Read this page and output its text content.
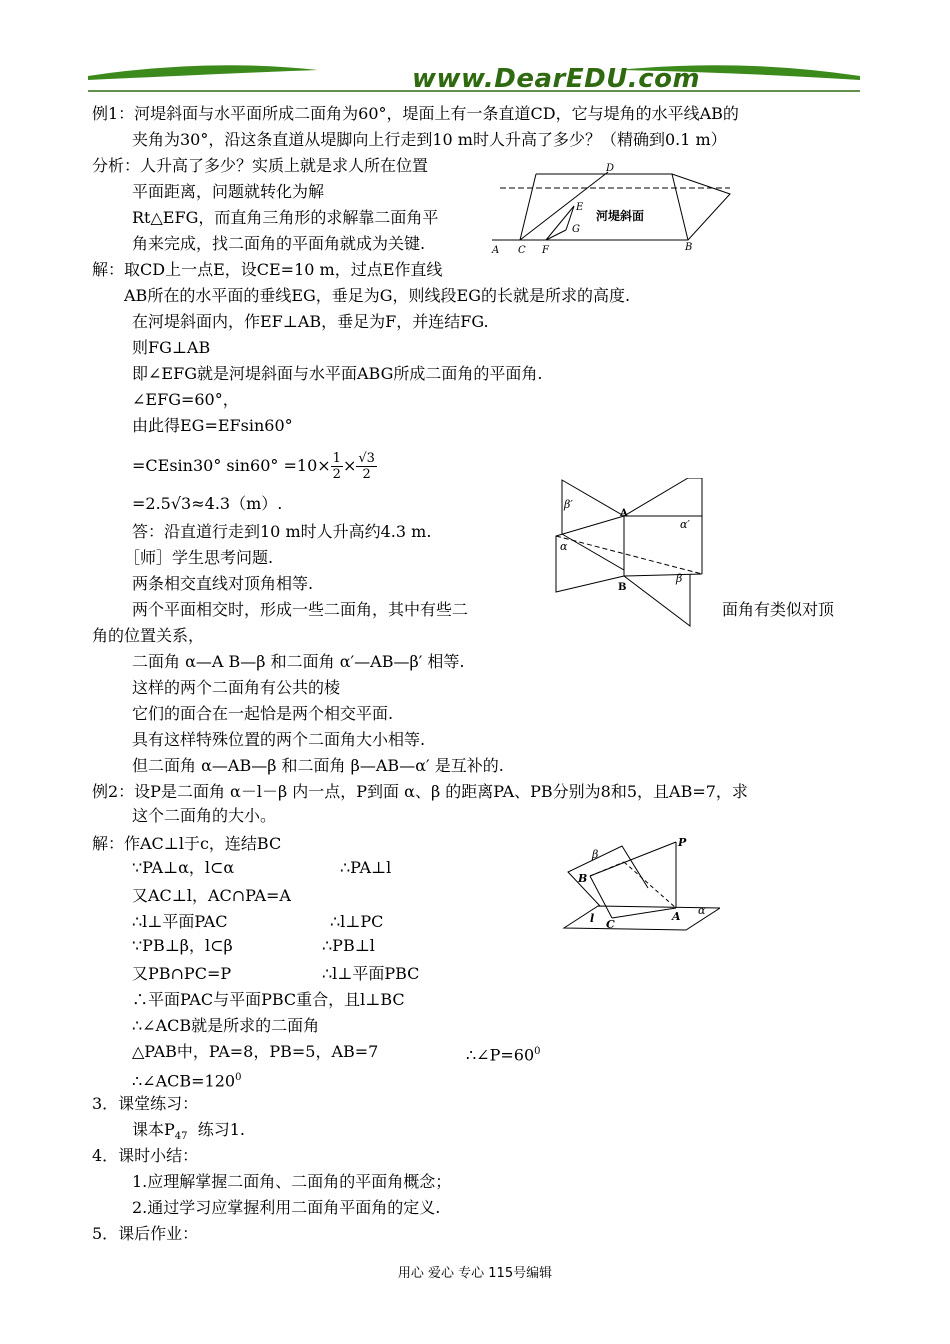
www.DearEDU.com
例1：河堤斜面与水平面所成二面角为60°，堤面上有一条直道CD，它与堤角的水平线AB的
夹角为30°，沿这条直道从堤脚向上行走到10 m时人升高了多少？（精确到0.1 m）
分析：人升高了多少？实质上就是求人所在位置
平面距离，问题就转化为解
Rt△EFG，而直角三角形的求解靠二面角平
角来完成，找二面角的平面角就成为关键.
D
E
G
A C F	B
河堤斜面
解：取CD上一点E，设CE=10 m，过点E作直线
AB所在的水平面的垂线EG，垂足为G，则线段EG的长就是所求的高度.
在河堤斜面内，作EF⊥AB，垂足为F，并连结FG.
则FG⊥AB
即∠EFG就是河堤斜面与水平面ABG所成二面角的平面角.
∠EFG=60°，
由此得EG=EFsin60°
=CEsin30° $\sin 60^\circ =10\times \frac{1}{2} \times \frac{√3}{2}$
=2.5√3≈4.3（m）.
答：沿直道行走到10 m时人升高约4.3 m.
［师］学生思考问题.
两条相交直线对顶角相等.
两个平面相交时，形成一些二面角，其中有些二	面角有类似对顶
β′
A
α′
α
B
β
角的位置关系，
二面角 α—A B—β 和二面角 α′—AB—β′ 相等.
这样的两个二面角有公共的棱
它们的面合在一起恰是两个相交平面.
具有这样特殊位置的两个二面角大小相等.
但二面角 α—AB—β 和二面角 β—AB—α′ 是互补的.
例2：设P是二面角 α－l－β 内一点，P到面 α、β 的距离PA、PB分别为8和5，且AB=7，求
这个二面角的大小。
解：作AC⊥l于c，连结BC
∵PA⊥α，l⊂α	∴PA⊥l
又AC⊥l，AC∩PA=A
∴l⊥平面PAC	∴l⊥PC
∵PB⊥β，l⊂β	∴PB⊥l
又PB∩PC=P	∴l⊥平面PBC
∴平面PAC与平面PBC重合，且l⊥BC
∴∠ACB就是所求的二面角
△PAB中，PA=8，PB=5，AB=7	$\therefore\angle P=60^0$
$\therefore\angle ACB=120^0$
P
β
B
l C
A α
3．课堂练习：
课本$P_{47}$  练习1.
4．课时小结：
1.应理解掌握二面角、二面角的平面角概念；
2.通过学习应掌握利用二面角平面角的定义.
5．课后作业：
用心 爱心 专心 115号编辑
